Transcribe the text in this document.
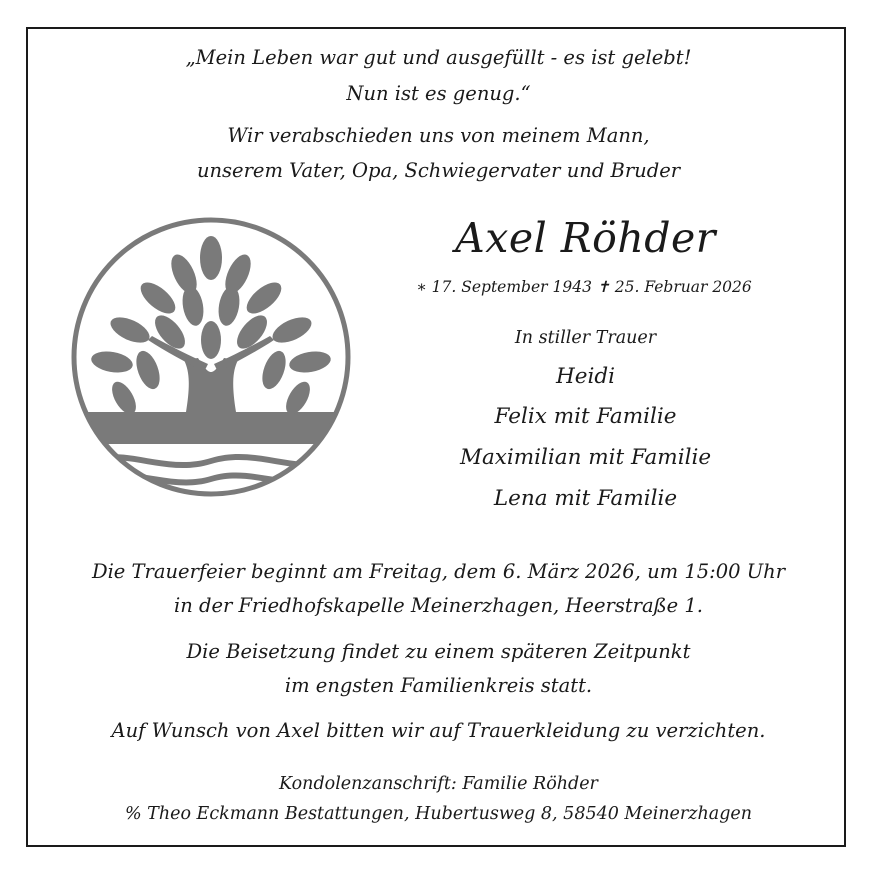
„Mein Leben war gut und ausgefüllt - es ist gelebt!
Nun ist es genug.“
Wir verabschieden uns von meinem Mann,
unserem Vater, Opa, Schwiegervater und Bruder
Axel Röhder
∗ 17. September 1943 ✝ 25. Februar 2026
In stiller Trauer
Heidi
Felix mit Familie
Maximilian mit Familie
Lena mit Familie
Die Trauerfeier beginnt am Freitag, dem 6. März 2026, um 15:00 Uhr
in der Friedhofskapelle Meinerzhagen, Heerstraße 1.
Die Beisetzung findet zu einem späteren Zeitpunkt
im engsten Familienkreis statt.
Auf Wunsch von Axel bitten wir auf Trauerkleidung zu verzichten.
Kondolenzanschrift: Familie Röhder
% Theo Eckmann Bestattungen, Hubertusweg 8, 58540 Meinerzhagen
